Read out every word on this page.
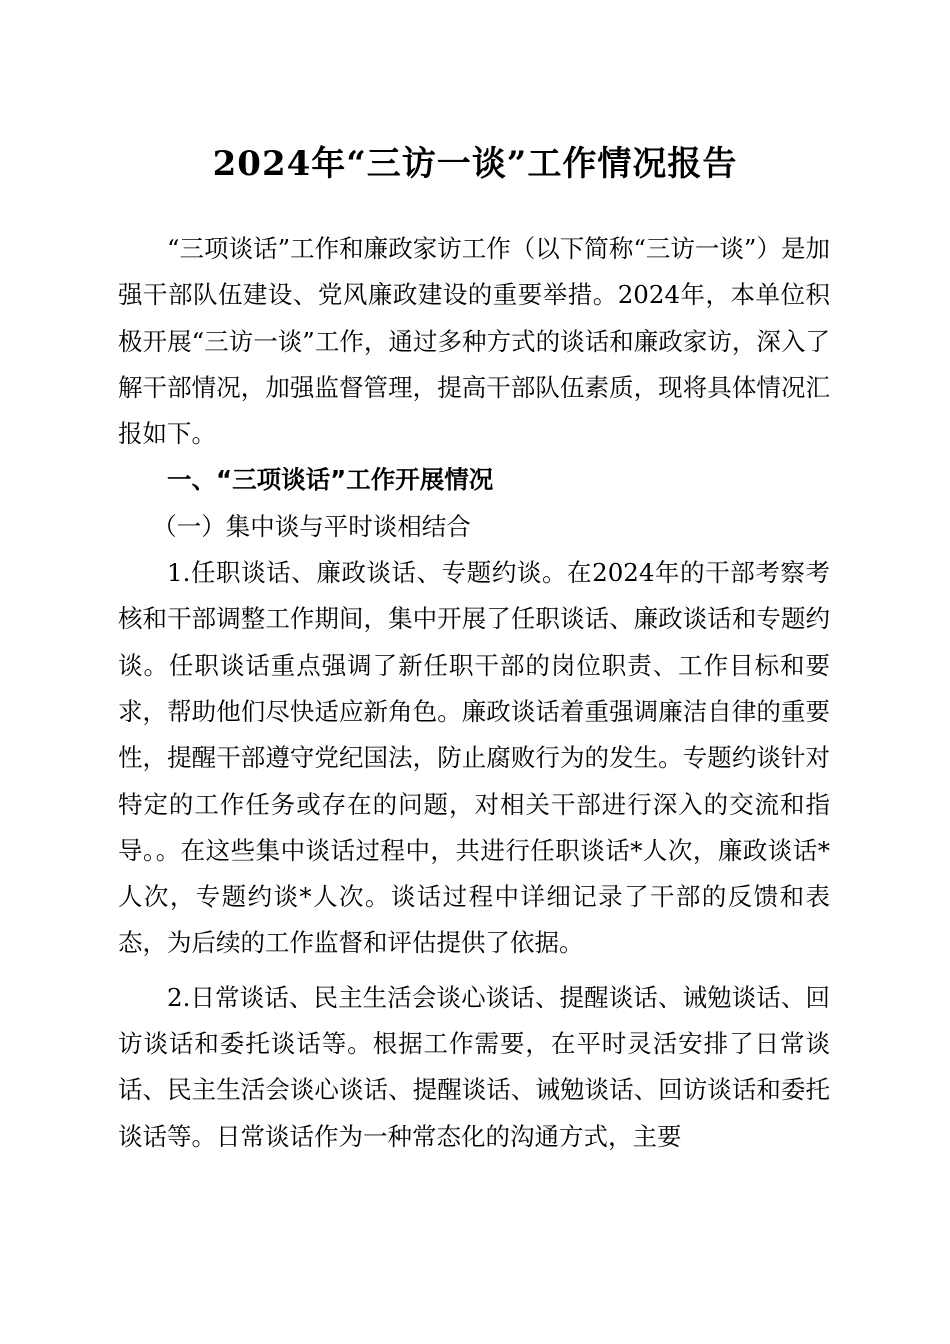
2024年“三访一谈”工作情况报告

“三项谈话”工作和廉政家访工作（以下简称“三访一谈”）是加强干部队伍建设、党风廉政建设的重要举措。2024年，本单位积极开展“三访一谈”工作，通过多种方式的谈话和廉政家访，深入了解干部情况，加强监督管理，提高干部队伍素质，现将具体情况汇报如下。

一、“三项谈话”工作开展情况

（一）集中谈与平时谈相结合

1.任职谈话、廉政谈话、专题约谈。在2024年的干部考察考核和干部调整工作期间，集中开展了任职谈话、廉政谈话和专题约谈。任职谈话重点强调了新任职干部的岗位职责、工作目标和要求，帮助他们尽快适应新角色。廉政谈话着重强调廉洁自律的重要性，提醒干部遵守党纪国法，防止腐败行为的发生。专题约谈针对特定的工作任务或存在的问题，对相关干部进行深入的交流和指导。。在这些集中谈话过程中，共进行任职谈话*人次，廉政谈话*人次，专题约谈*人次。谈话过程中详细记录了干部的反馈和表态，为后续的工作监督和评估提供了依据。

2.日常谈话、民主生活会谈心谈话、提醒谈话、诫勉谈话、回访谈话和委托谈话等。根据工作需要，在平时灵活安排了日常谈话、民主生活会谈心谈话、提醒谈话、诫勉谈话、回访谈话和委托谈话等。日常谈话作为一种常态化的沟通方式，主要
